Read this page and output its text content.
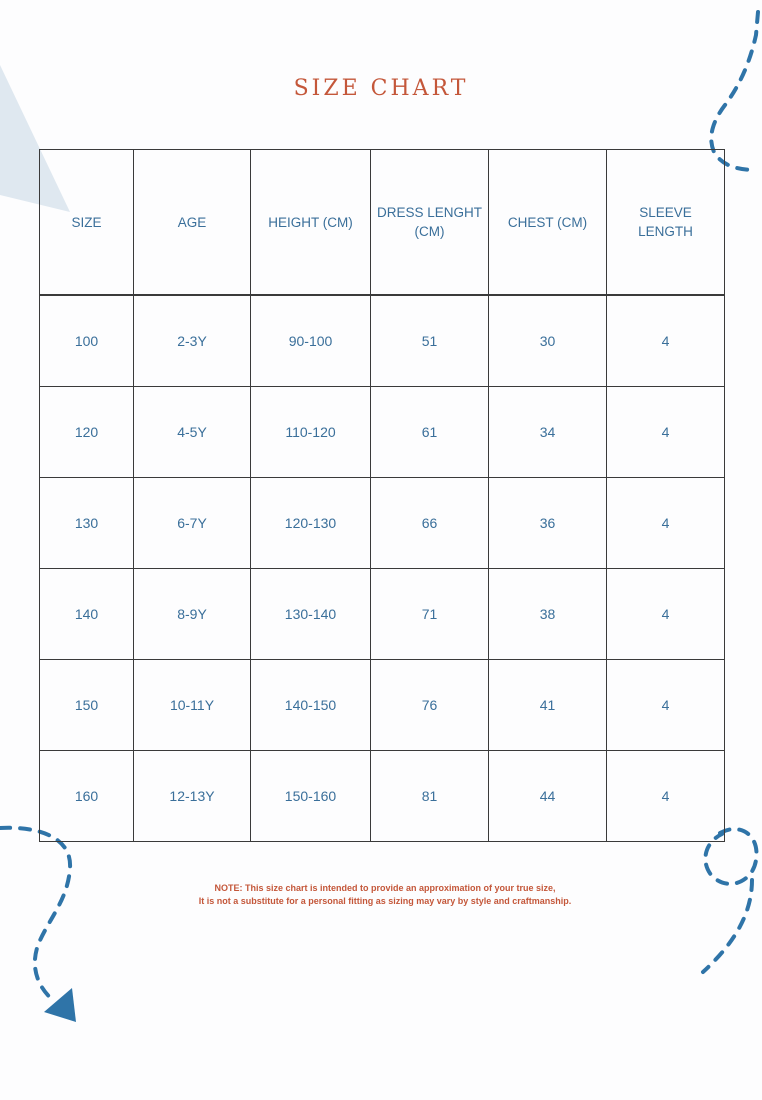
SIZE CHART
SIZE	AGE	HEIGHT (CM)	DRESS LENGHT (CM)	CHEST (CM)	SLEEVE LENGTH
100	2-3Y	90-100	51	30	4
120	4-5Y	110-120	61	34	4
130	6-7Y	120-130	66	36	4
140	8-9Y	130-140	71	38	4
150	10-11Y	140-150	76	41	4
160	12-13Y	150-160	81	44	4
NOTE: This size chart is intended to provide an approximation of your true size,
It is not a substitute for a personal fitting as sizing may vary by style and craftmanship.
